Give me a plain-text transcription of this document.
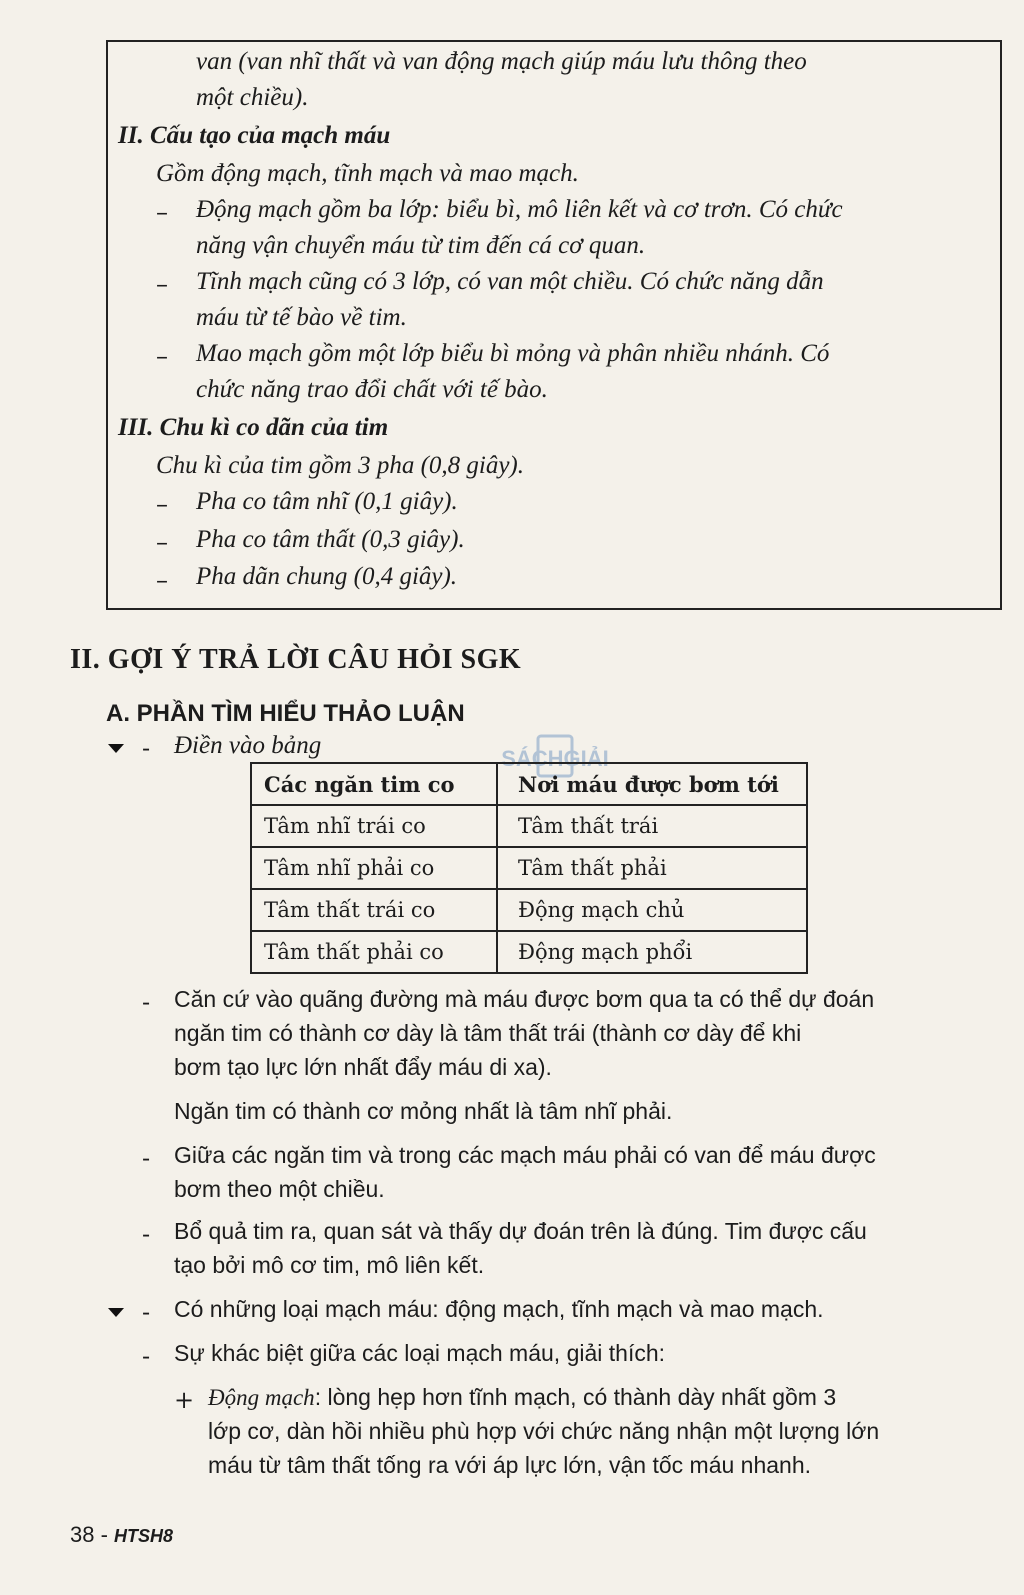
van (van nhĩ thất và van động mạch giúp máu lưu thông theo
một chiều).
II. Cấu tạo của mạch máu
Gồm động mạch, tĩnh mạch và mao mạch.
– Động mạch gồm ba lớp: biểu bì, mô liên kết và cơ trơn. Có chức
năng vận chuyển máu từ tim đến cá cơ quan.
– Tĩnh mạch cũng có 3 lớp, có van một chiều. Có chức năng dẫn
máu từ tế bào về tim.
– Mao mạch gồm một lớp biểu bì mỏng và phân nhiều nhánh. Có
chức năng trao đổi chất với tế bào.
III. Chu kì co dãn của tim
Chu kì của tim gồm 3 pha (0,8 giây).
– Pha co tâm nhĩ (0,1 giây).
– Pha co tâm thất (0,3 giây).
– Pha dãn chung (0,4 giây).
II. GỢI Ý TRẢ LỜI CÂU HỎI SGK
A. PHẦN TÌM HIỂU THẢO LUẬN
- Điền vào bảng	SÁCHGIẢI
Các ngăn tim co	Nơi máu được bơm tới
Tâm nhĩ trái co	Tâm thất trái
Tâm nhĩ phải co	Tâm thất phải
Tâm thất trái co	Động mạch chủ
Tâm thất phải co	Động mạch phổi
- Căn cứ vào quãng đường mà máu được bơm qua ta có thể dự đoán
ngăn tim có thành cơ dày là tâm thất trái (thành cơ dày để khi
bơm tạo lực lớn nhất đẩy máu di xa).
Ngăn tim có thành cơ mỏng nhất là tâm nhĩ phải.
- Giữa các ngăn tim và trong các mạch máu phải có van để máu được
bơm theo một chiều.
- Bổ quả tim ra, quan sát và thấy dự đoán trên là đúng. Tim được cấu
tạo bởi mô cơ tim, mô liên kết.
- Có những loại mạch máu: động mạch, tĩnh mạch và mao mạch.
- Sự khác biệt giữa các loại mạch máu, giải thích:
+ Động mạch: lòng hẹp hơn tĩnh mạch, có thành dày nhất gồm 3
lớp cơ, dàn hồi nhiều phù hợp với chức năng nhận một lượng lớn
máu từ tâm thất tống ra với áp lực lớn, vận tốc máu nhanh.
38 - HTSH8
